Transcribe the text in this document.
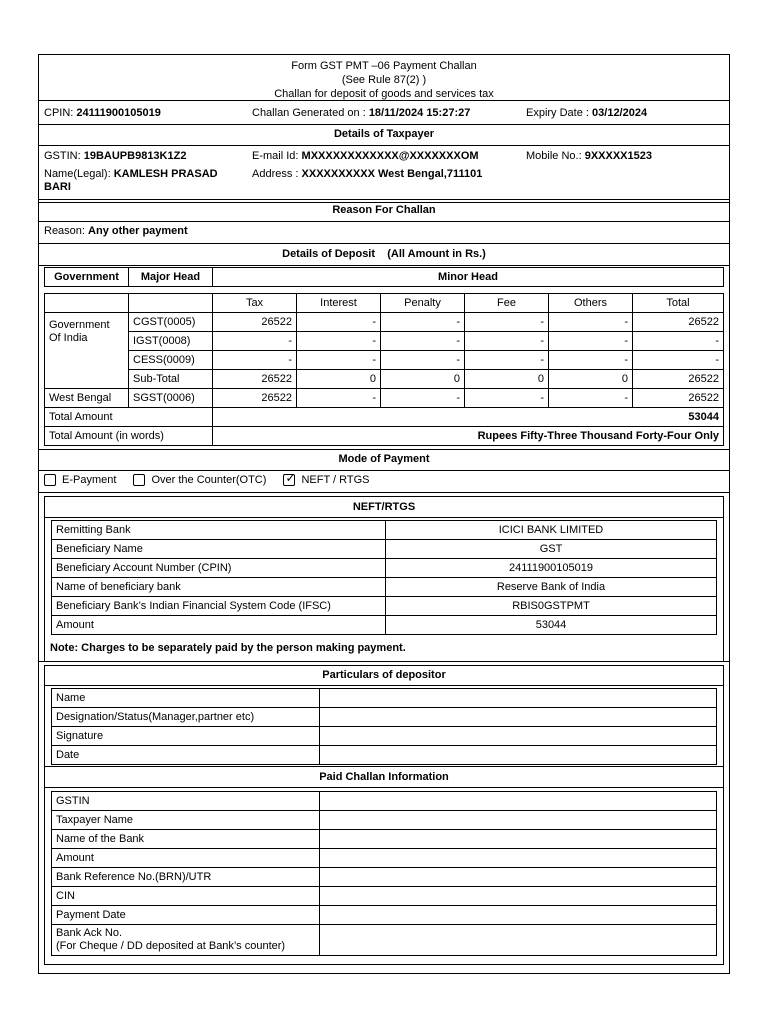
Form GST PMT –06 Payment Challan
(See Rule 87(2) )
Challan for deposit of goods and services tax
CPIN: 24111900105019	Challan Generated on : 18/11/2024 15:27:27	Expiry Date : 03/12/2024
Details of Taxpayer
GSTIN: 19BAUPB9813K1Z2	E-mail Id: MXXXXXXXXXXXX@XXXXXXXOM	Mobile No.: 9XXXXX1523
Name(Legal): KAMLESH PRASAD
BARI
Address : XXXXXXXXXX West Bengal,711101
Reason For Challan
Reason: Any other payment
Details of Deposit (All Amount in Rs.)
Government	Major Head	Minor Head
		Tax	Interest	Penalty	Fee	Others	Total
Government Of India	CGST(0005)	26522	-	-	-	-	26522
	IGST(0008)	-	-	-	-	-	-
	CESS(0009)	-	-	-	-	-	-
	Sub-Total	26522	0	0	0	0	26522
West Bengal	SGST(0006)	26522	-	-	-	-	26522
Total Amount		53044					
Total Amount (in words)		Rupees Fifty-Three Thousand Forty-Four Only					
Mode of Payment
E-Payment	Over the Counter(OTC) ✓ NEFT / RTGS
NEFT/RTGS
Remitting Bank	ICICI BANK LIMITED
Beneficiary Name	GST
Beneficiary Account Number (CPIN)	24111900105019
Name of beneficiary bank	Reserve Bank of India
Beneficiary Bank’s Indian Financial System Code (IFSC)	RBIS0GSTPMT
Amount	53044
Note: Charges to be separately paid by the person making payment.
Particulars of depositor
Name	
Designation/Status(Manager,partner etc)	
Signature	
Date	
Paid Challan Information
GSTIN	
Taxpayer Name	
Name of the Bank	
Amount	
Bank Reference No.(BRN)/UTR	
CIN	
Payment Date	
Bank Ack No.
(For Cheque / DD deposited at Bank’s counter)	
